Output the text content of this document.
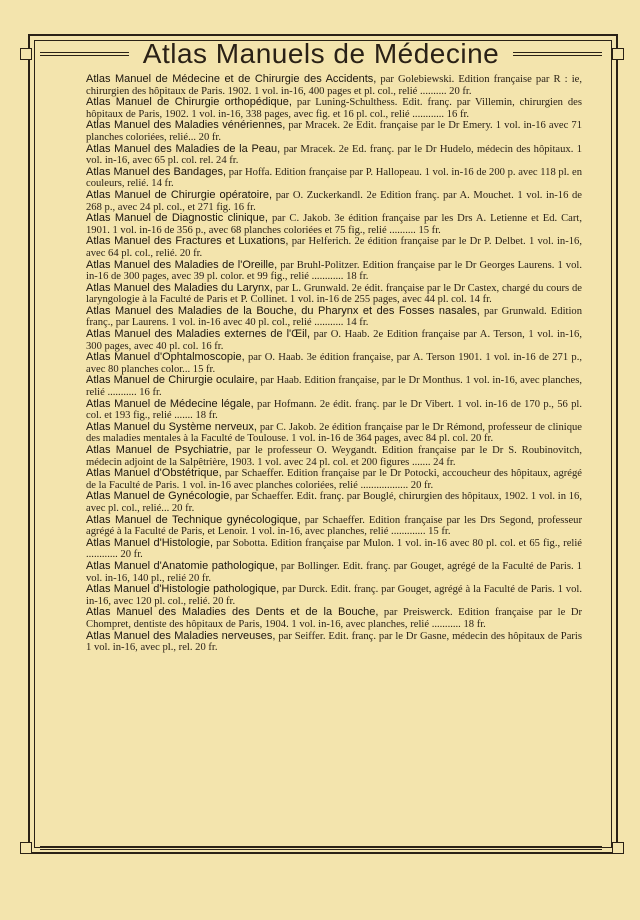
Atlas Manuels de Médecine

Atlas Manuel de Médecine et de Chirurgie des Accidents, par Golebiewski. Edition française par R : ie, chirurgien des hôpitaux de Paris. 1902. 1 vol. in-16, 400 pages et pl. col., relié .......... 20 fr.

Atlas Manuel de Chirurgie orthopédique, par Luning-Schulthess. Edit. franç. par Villemin, chirurgien des hôpitaux de Paris, 1902. 1 vol. in-16, 338 pages, avec fig. et 16 pl. col., relié ............ 16 fr.

Atlas Manuel des Maladies vénériennes, par Mracek. 2e Edit. française par le Dr Emery. 1 vol. in-16 avec 71 planches coloriées, relié... 20 fr.

Atlas Manuel des Maladies de la Peau, par Mracek. 2e Ed. franç. par le Dr Hudelo, médecin des hôpitaux. 1 vol. in-16, avec 65 pl. col. rel. 24 fr.

Atlas Manuel des Bandages, par Hoffa. Edition française par P. Hallopeau. 1 vol. in-16 de 200 p. avec 118 pl. en couleurs, relié. 14 fr.

Atlas Manuel de Chirurgie opératoire, par O. Zuckerkandl. 2e Edition franç. par A. Mouchet. 1 vol. in-16 de 268 p., avec 24 pl. col., et 271 fig. 16 fr.

Atlas Manuel de Diagnostic clinique, par C. Jakob. 3e édition française par les Drs A. Letienne et Ed. Cart, 1901. 1 vol. in-16 de 356 p., avec 68 planches coloriées et 75 fig., relié .......... 15 fr.

Atlas Manuel des Fractures et Luxations, par Helferich. 2e édition française par le Dr P. Delbet. 1 vol. in-16, avec 64 pl. col., relié. 20 fr.

Atlas Manuel des Maladies de l'Oreille, par Bruhl-Politzer. Edition française par le Dr Georges Laurens. 1 vol. in-16 de 300 pages, avec 39 pl. color. et 99 fig., relié ............ 18 fr.

Atlas Manuel des Maladies du Larynx, par L. Grunwald. 2e édit. française par le Dr Castex, chargé du cours de laryngologie à la Faculté de Paris et P. Collinet. 1 vol. in-16 de 255 pages, avec 44 pl. col. 14 fr.

Atlas Manuel des Maladies de la Bouche, du Pharynx et des Fosses nasales, par Grunwald. Edition franç., par Laurens. 1 vol. in-16 avec 40 pl. col., relié ........... 14 fr.

Atlas Manuel des Maladies externes de l'Œil, par O. Haab. 2e Edition française par A. Terson, 1 vol. in-16, 300 pages, avec 40 pl. col. 16 fr.

Atlas Manuel d'Ophtalmoscopie, par O. Haab. 3e édition française, par A. Terson 1901. 1 vol. in-16 de 271 p., avec 80 planches color... 15 fr.

Atlas Manuel de Chirurgie oculaire, par Haab. Edition française, par le Dr Monthus. 1 vol. in-16, avec planches, relié ........... 16 fr.

Atlas Manuel de Médecine légale, par Hofmann. 2e édit. franç. par le Dr Vibert. 1 vol. in-16 de 170 p., 56 pl. col. et 193 fig., relié ....... 18 fr.

Atlas Manuel du Système nerveux, par C. Jakob. 2e édition française par le Dr Rémond, professeur de clinique des maladies mentales à la Faculté de Toulouse. 1 vol. in-16 de 364 pages, avec 84 pl. col. 20 fr.

Atlas Manuel de Psychiatrie, par le professeur O. Weygandt. Edition française par le Dr S. Roubinovitch, médecin adjoint de la Salpêtrière, 1903. 1 vol. avec 24 pl. col. et 200 figures ....... 24 fr.

Atlas Manuel d'Obstétrique, par Schaeffer. Edition française par le Dr Potocki, accoucheur des hôpitaux, agrégé de la Faculté de Paris. 1 vol. in-16 avec planches coloriées, relié .................. 20 fr.

Atlas Manuel de Gynécologie, par Schaeffer. Edit. franç. par Bouglé, chirurgien des hôpitaux, 1902. 1 vol. in 16, avec pl. col., relié... 20 fr.

Atlas Manuel de Technique gynécologique, par Schaeffer. Edition française par les Drs Segond, professeur agrégé à la Faculté de Paris, et Lenoir. 1 vol. in-16, avec planches, relié ............. 15 fr.

Atlas Manuel d'Histologie, par Sobotta. Edition française par Mulon. 1 vol. in-16 avec 80 pl. col. et 65 fig., relié ............ 20 fr.

Atlas Manuel d'Anatomie pathologique, par Bollinger. Edit. franç. par Gouget, agrégé de la Faculté de Paris. 1 vol. in-16, 140 pl., relié 20 fr.

Atlas Manuel d'Histologie pathologique, par Durck. Edit. franç. par Gouget, agrégé à la Faculté de Paris. 1 vol. in-16, avec 120 pl. col., relié. 20 fr.

Atlas Manuel des Maladies des Dents et de la Bouche, par Preiswerck. Edition française par le Dr Chompret, dentiste des hôpitaux de Paris, 1904. 1 vol. in-16, avec planches, relié ........... 18 fr.

Atlas Manuel des Maladies nerveuses, par Seiffer. Edit. franç. par le Dr Gasne, médecin des hôpitaux de Paris 1 vol. in-16, avec pl., rel. 20 fr.
